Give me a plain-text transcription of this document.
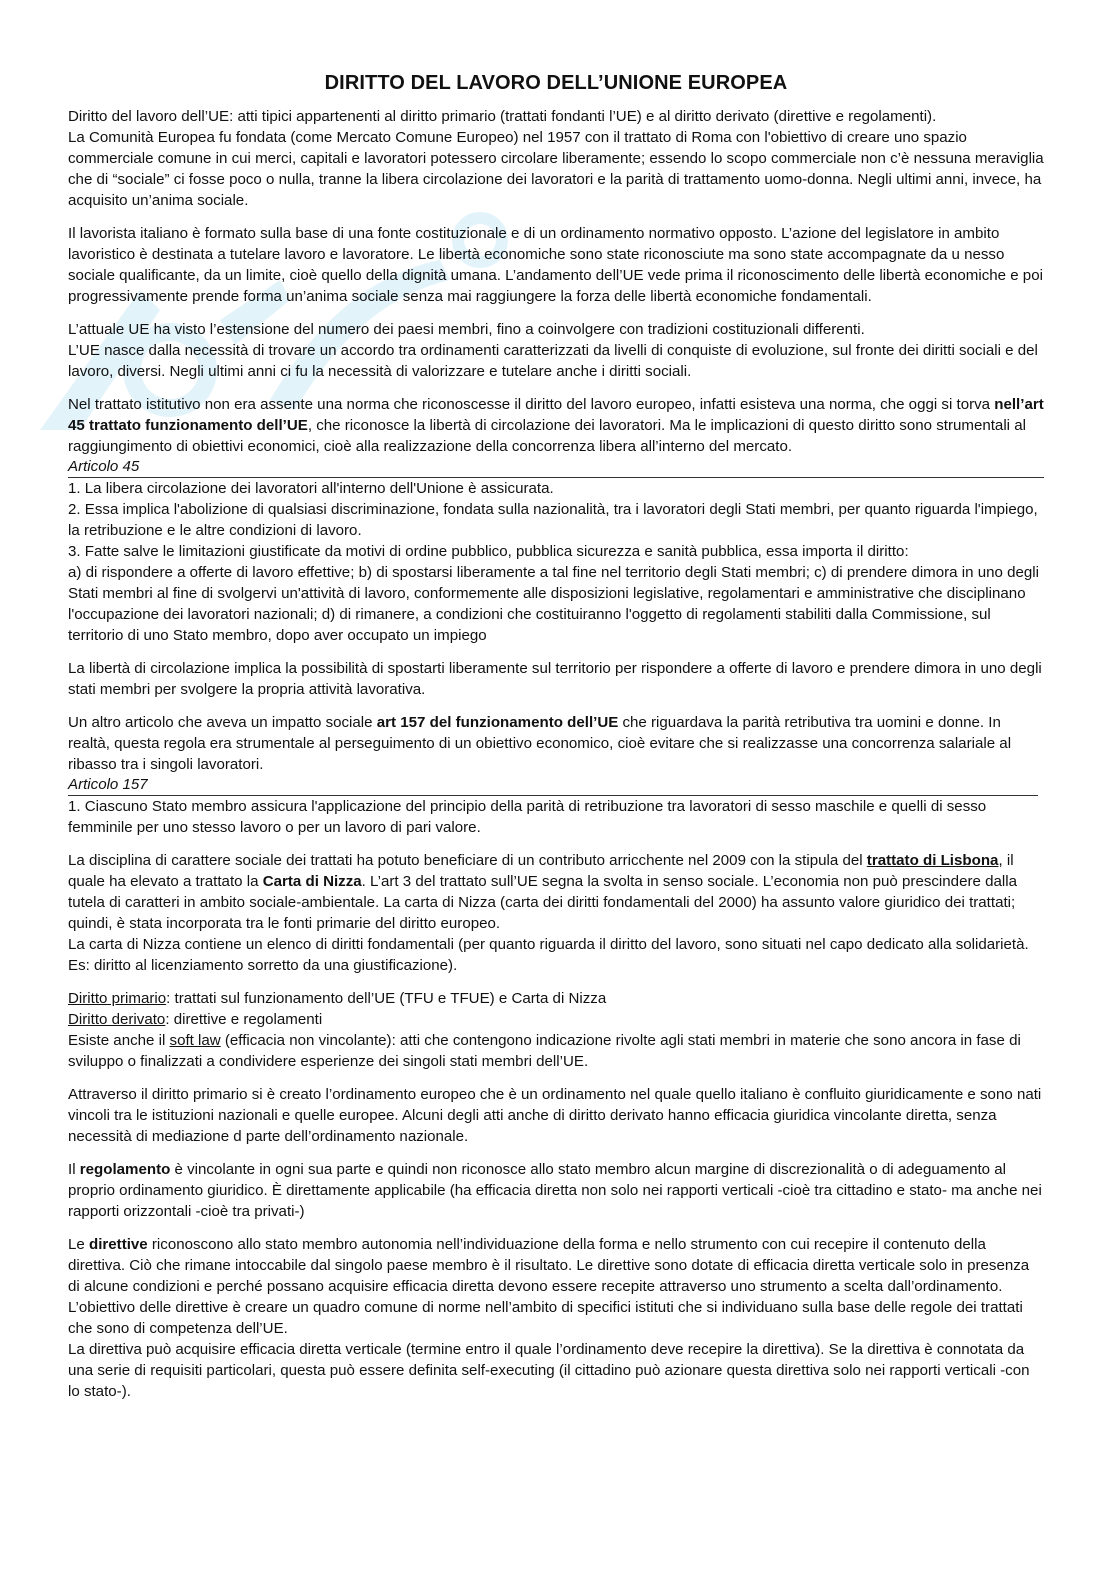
DIRITTO DEL LAVORO DELL’UNIONE EUROPEA

Diritto del lavoro dell’UE: atti tipici appartenenti al diritto primario (trattati fondanti l’UE) e al diritto derivato (direttive e regolamenti).

La Comunità Europea fu fondata (come Mercato Comune Europeo) nel 1957 con il trattato di Roma con l'obiettivo di creare uno spazio commerciale comune in cui merci, capitali e lavoratori potessero circolare liberamente; essendo lo scopo commerciale non c’è nessuna meraviglia che di “sociale” ci fosse poco o nulla, tranne la libera circolazione dei lavoratori e la parità di trattamento uomo-donna. Negli ultimi anni, invece, ha acquisito un’anima sociale.

Il lavorista italiano è formato sulla base di una fonte costituzionale e di un ordinamento normativo opposto. L’azione del legislatore in ambito lavoristico è destinata a tutelare lavoro e lavoratore. Le libertà economiche sono state riconosciute ma sono state accompagnate da u nesso sociale qualificante, da un limite, cioè quello della dignità umana. L’andamento dell’UE vede prima il riconoscimento delle libertà economiche e poi progressivamente prende forma un’anima sociale senza mai raggiungere la forza delle libertà economiche fondamentali.

L’attuale UE ha visto l’estensione del numero dei paesi membri, fino a coinvolgere con tradizioni costituzionali differenti.

L’UE nasce dalla necessità di trovare un accordo tra ordinamenti caratterizzati da livelli di conquiste di evoluzione, sul fronte dei diritti sociali e del lavoro, diversi. Negli ultimi anni ci fu la necessità di valorizzare e tutelare anche i diritti sociali.

Nel trattato istitutivo non era assente una norma che riconoscesse il diritto del lavoro europeo, infatti esisteva una norma, che oggi si torva nell’art 45 trattato funzionamento dell’UE, che riconosce la libertà di circolazione dei lavoratori. Ma le implicazioni di questo diritto sono strumentali al raggiungimento di obiettivi economici, cioè alla realizzazione della concorrenza libera all’interno del mercato.

Articolo 45

1. La libera circolazione dei lavoratori all'interno dell'Unione è assicurata.

2. Essa implica l'abolizione di qualsiasi discriminazione, fondata sulla nazionalità, tra i lavoratori degli Stati membri, per quanto riguarda l'impiego, la retribuzione e le altre condizioni di lavoro.

3. Fatte salve le limitazioni giustificate da motivi di ordine pubblico, pubblica sicurezza e sanità pubblica, essa importa il diritto:

a) di rispondere a offerte di lavoro effettive; b) di spostarsi liberamente a tal fine nel territorio degli Stati membri; c) di prendere dimora in uno degli Stati membri al fine di svolgervi un'attività di lavoro, conformemente alle disposizioni legislative, regolamentari e amministrative che disciplinano l'occupazione dei lavoratori nazionali; d) di rimanere, a condizioni che costituiranno l'oggetto di regolamenti stabiliti dalla Commissione, sul territorio di uno Stato membro, dopo aver occupato un impiego

La libertà di circolazione implica la possibilità di spostarti liberamente sul territorio per rispondere a offerte di lavoro e prendere dimora in uno degli stati membri per svolgere la propria attività lavorativa.

Un altro articolo che aveva un impatto sociale art 157 del funzionamento dell’UE che riguardava la parità retributiva tra uomini e donne. In realtà, questa regola era strumentale al perseguimento di un obiettivo economico, cioè evitare che si realizzasse una concorrenza salariale al ribasso tra i singoli lavoratori.

Articolo 157

1. Ciascuno Stato membro assicura l'applicazione del principio della parità di retribuzione tra lavoratori di sesso maschile e quelli di sesso femminile per uno stesso lavoro o per un lavoro di pari valore.

La disciplina di carattere sociale dei trattati ha potuto beneficiare di un contributo arricchente nel 2009 con la stipula del trattato di Lisbona, il quale ha elevato a trattato la Carta di Nizza. L’art 3 del trattato sull’UE segna la svolta in senso sociale. L’economia non può prescindere dalla tutela di caratteri in ambito sociale-ambientale. La carta di Nizza (carta dei diritti fondamentali del 2000) ha assunto valore giuridico dei trattati; quindi, è stata incorporata tra le fonti primarie del diritto europeo.

La carta di Nizza contiene un elenco di diritti fondamentali (per quanto riguarda il diritto del lavoro, sono situati nel capo dedicato alla solidarietà. Es: diritto al licenziamento sorretto da una giustificazione).

Diritto primario: trattati sul funzionamento dell’UE (TFU e TFUE) e Carta di Nizza

Diritto derivato: direttive e regolamenti

Esiste anche il soft law (efficacia non vincolante): atti che contengono indicazione rivolte agli stati membri in materie che sono ancora in fase di sviluppo o finalizzati a condividere esperienze dei singoli stati membri dell’UE.

Attraverso il diritto primario si è creato l’ordinamento europeo che è un ordinamento nel quale quello italiano è confluito giuridicamente e sono nati vincoli tra le istituzioni nazionali e quelle europee. Alcuni degli atti anche di diritto derivato hanno efficacia giuridica vincolante diretta, senza necessità di mediazione d parte dell’ordinamento nazionale.

Il regolamento è vincolante in ogni sua parte e quindi non riconosce allo stato membro alcun margine di discrezionalità o di adeguamento al proprio ordinamento giuridico. È direttamente applicabile (ha efficacia diretta non solo nei rapporti verticali -cioè tra cittadino e stato- ma anche nei rapporti orizzontali -cioè tra privati-)

Le direttive riconoscono allo stato membro autonomia nell’individuazione della forma e nello strumento con cui recepire il contenuto della direttiva. Ciò che rimane intoccabile dal singolo paese membro è il risultato. Le direttive sono dotate di efficacia diretta verticale solo in presenza di alcune condizioni e perché possano acquisire efficacia diretta devono essere recepite attraverso uno strumento a scelta dall’ordinamento. L’obiettivo delle direttive è creare un quadro comune di norme nell’ambito di specifici istituti che si individuano sulla base delle regole dei trattati che sono di competenza dell’UE.

La direttiva può acquisire efficacia diretta verticale (termine entro il quale l’ordinamento deve recepire la direttiva). Se la direttiva è connotata da una serie di requisiti particolari, questa può essere definita self-executing (il cittadino può azionare questa direttiva solo nei rapporti verticali -con lo stato-).
